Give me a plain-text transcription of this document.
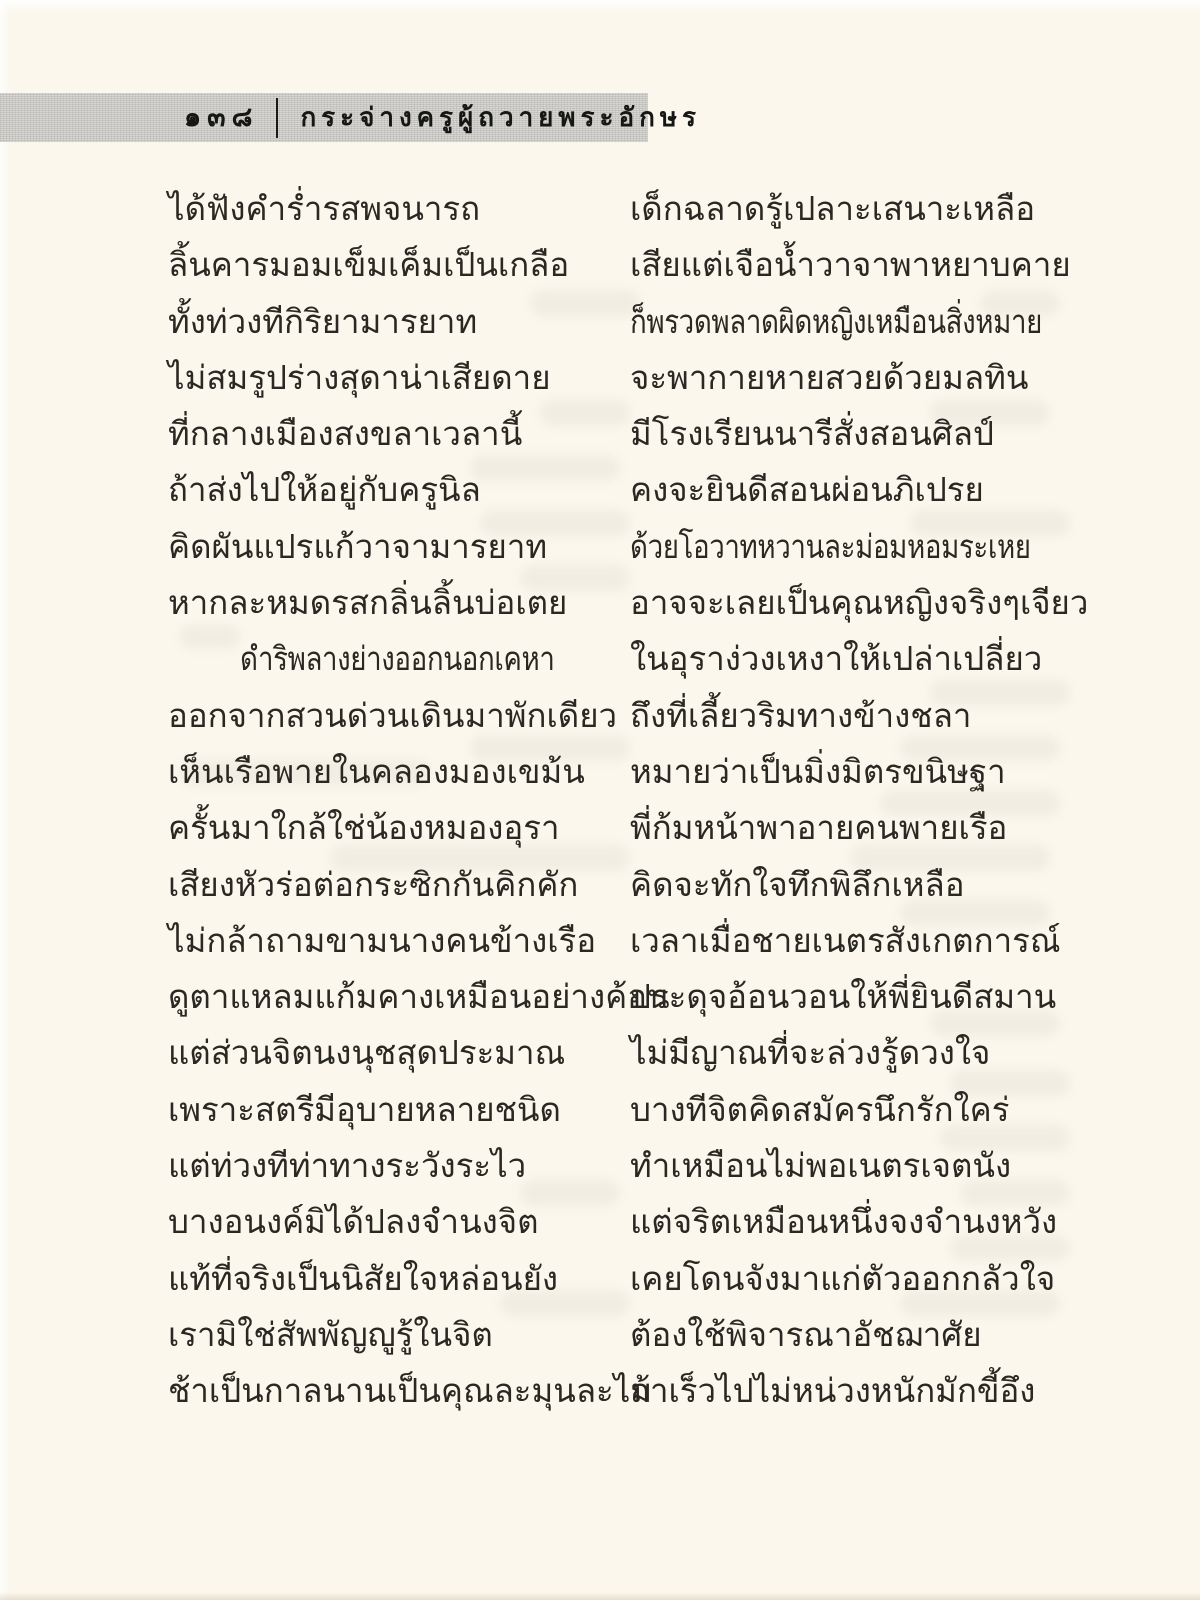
๑๓๘ กระจ่างครูผู้ถวายพระอักษร
ได้ฟังคำร่ำรสพจนารถ
ลิ้นคารมอมเข็มเค็มเป็นเกลือ
ทั้งท่วงทีกิริยามารยาท
ไม่สมรูปร่างสุดาน่าเสียดาย
ที่กลางเมืองสงขลาเวลานี้
ถ้าส่งไปให้อยู่กับครูนิล
คิดผันแปรแก้วาจามารยาท
หากละหมดรสกลิ่นลิ้นบ่อเตย
ดำริพลางย่างออกนอกเคหา
ออกจากสวนด่วนเดินมาพักเดียว
เห็นเรือพายในคลองมองเขม้น
ครั้นมาใกล้ใช่น้องหมองอุรา
เสียงหัวร่อต่อกระซิกกันคิกคัก
ไม่กล้าถามขามนางคนข้างเรือ
ดูตาแหลมแก้มคางเหมือนอย่างค้อน
แต่ส่วนจิตนงนุชสุดประมาณ
เพราะสตรีมีอุบายหลายชนิด
แต่ท่วงทีท่าทางระวังระไว
บางอนงค์มิได้ปลงจำนงจิต
แท้ที่จริงเป็นนิสัยใจหล่อนยัง
เรามิใช่สัพพัญญูรู้ในจิต
ช้าเป็นกาลนานเป็นคุณละมุนละไม
เด็กฉลาดรู้เปลาะเสนาะเหลือ
เสียแต่เจือน้ำวาจาพาหยาบคาย
ก็พรวดพลาดผิดหญิงเหมือนสิ่งหมาย
จะพากายหายสวยด้วยมลทิน
มีโรงเรียนนารีสั่งสอนศิลป์
คงจะยินดีสอนผ่อนภิเปรย
ด้วยโอวาทหวานละม่อมหอมระเหย
อาจจะเลยเป็นคุณหญิงจริงๆเจียว
ในอุราง่วงเหงาให้เปล่าเปลี่ยว
ถึงที่เลี้ยวริมทางข้างชลา
หมายว่าเป็นมิ่งมิตรขนิษฐา
พี่ก้มหน้าพาอายคนพายเรือ
คิดจะทักใจทึกพิลึกเหลือ
เวลาเมื่อชายเนตรสังเกตการณ์
ประดุจอ้อนวอนให้พี่ยินดีสมาน
ไม่มีญาณที่จะล่วงรู้ดวงใจ
บางทีจิตคิดสมัครนึกรักใคร่
ทำเหมือนไม่พอเนตรเจตนัง
แต่จริตเหมือนหนึ่งจงจำนงหวัง
เคยโดนจังมาแก่ตัวออกกลัวใจ
ต้องใช้พิจารณาอัชฌาศัย
ถ้าเร็วไปไม่หน่วงหนักมักขี้อึง
